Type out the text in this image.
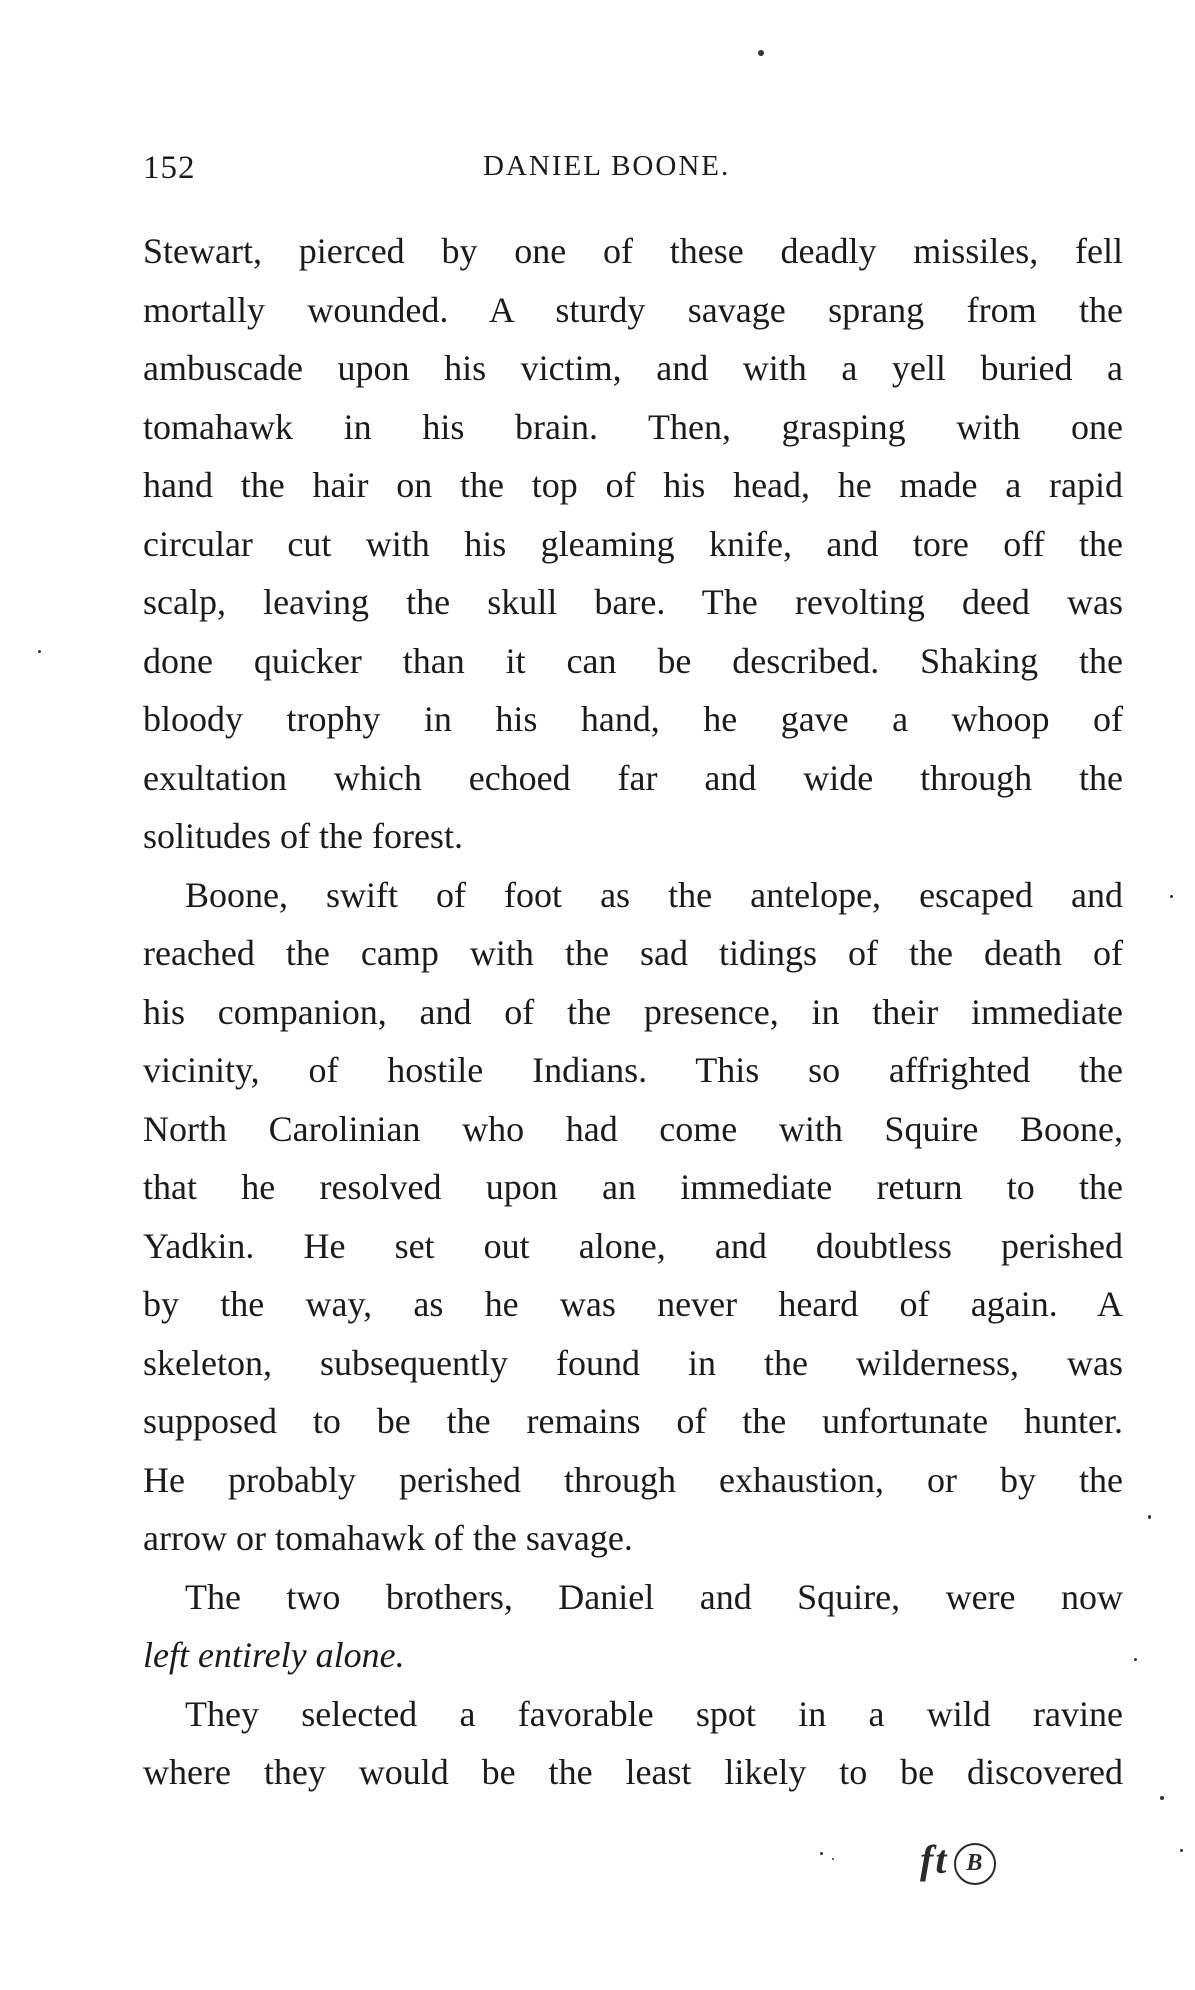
152	DANIEL BOONE.
Stewart, pierced by one of these deadly missiles, fell
mortally wounded. A sturdy savage sprang from the
ambuscade upon his victim, and with a yell buried a
tomahawk in his brain. Then, grasping with one
hand the hair on the top of his head, he made a rapid
circular cut with his gleaming knife, and tore off the
scalp, leaving the skull bare. The revolting deed was
done quicker than it can be described. Shaking the
bloody trophy in his hand, he gave a whoop of
exultation which echoed far and wide through the
solitudes of the forest.
Boone, swift of foot as the antelope, escaped and
reached the camp with the sad tidings of the death of
his companion, and of the presence, in their immediate
vicinity, of hostile Indians. This so affrighted the
North Carolinian who had come with Squire Boone,
that he resolved upon an immediate return to the
Yadkin. He set out alone, and doubtless perished
by the way, as he was never heard of again. A
skeleton, subsequently found in the wilderness, was
supposed to be the remains of the unfortunate hunter.
He probably perished through exhaustion, or by the
arrow or tomahawk of the savage.
The two brothers, Daniel and Squire, were now
left entirely alone.
They selected a favorable spot in a wild ravine
where they would be the least likely to be discovered
ft B
